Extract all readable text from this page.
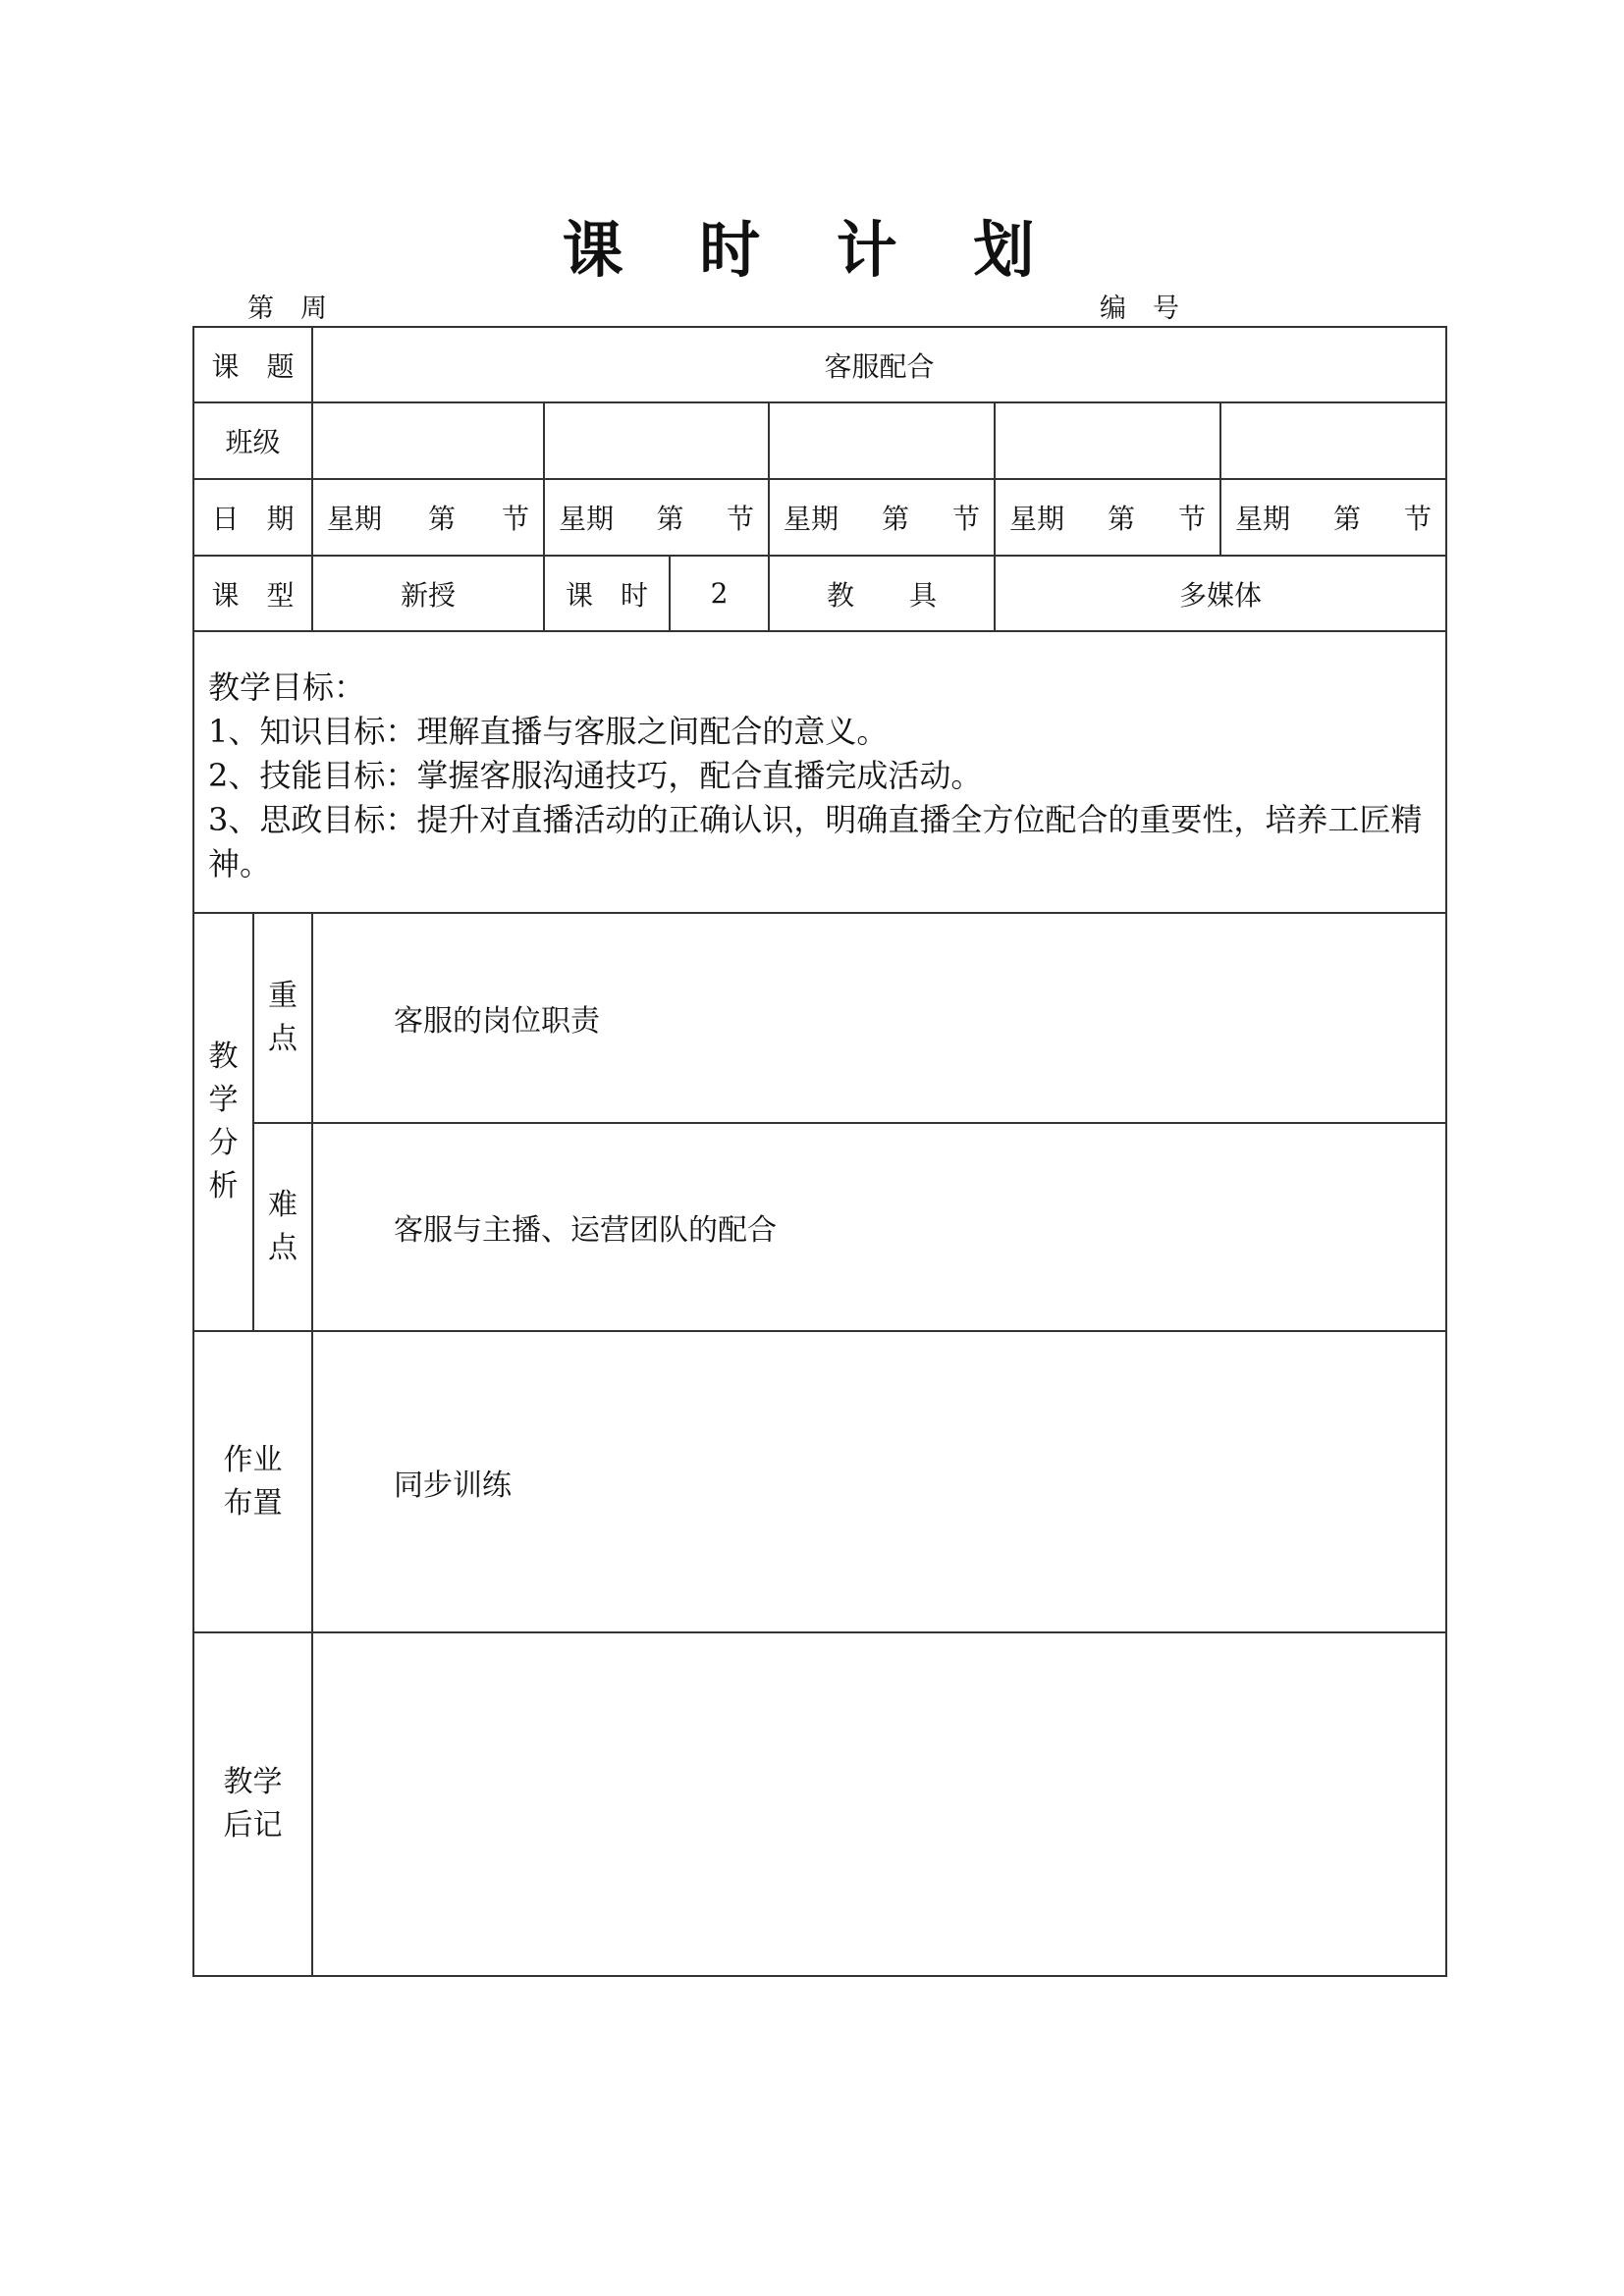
课 时 计 划
第　周	编　号
课　题		客服配合					
班级							
日　期		星期 第 节	星期 第 节		星期 第 节	星期 第 节	星期 第 节

课　型		新授	课　时	2	教　　具	多媒体	

教学目标：
1、知识目标：理解直播与客服之间配合的意义。
2、技能目标：掌握客服沟通技巧，配合直播完成活动。
3、思政目标：提升对直播活动的正确认识，明确直播全方位配合的重要性，培养工匠精神。							

教学分析	重点	客服的岗位职责					
	难点	客服与主播、运营团队的配合					
作业布置		同步训练					
教学后记							
